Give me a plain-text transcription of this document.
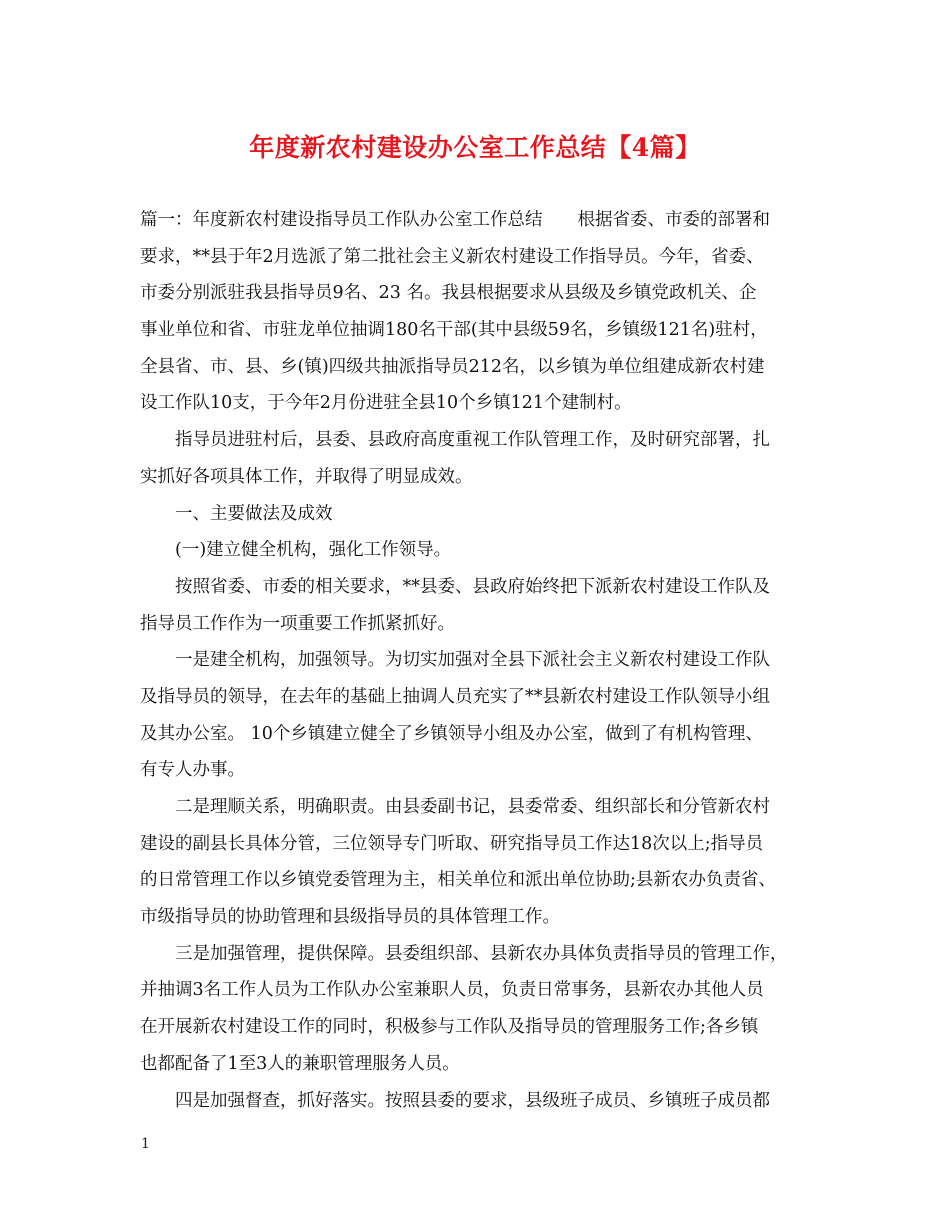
年度新农村建设办公室工作总结【4篇】
篇一：年度新农村建设指导员工作队办公室工作总结　　根据省委、市委的部署和
要求，**县于年2月选派了第二批社会主义新农村建设工作指导员。今年，省委、
市委分别派驻我县指导员9名、23 名。我县根据要求从县级及乡镇党政机关、企
事业单位和省、市驻龙单位抽调180名干部(其中县级59名，乡镇级121名)驻村，
全县省、市、县、乡(镇)四级共抽派指导员212名，以乡镇为单位组建成新农村建
设工作队10支，于今年2月份进驻全县10个乡镇121个建制村。
指导员进驻村后，县委、县政府高度重视工作队管理工作，及时研究部署，扎
实抓好各项具体工作，并取得了明显成效。
一、主要做法及成效
(一)建立健全机构，强化工作领导。
按照省委、市委的相关要求，**县委、县政府始终把下派新农村建设工作队及
指导员工作作为一项重要工作抓紧抓好。
一是建全机构，加强领导。为切实加强对全县下派社会主义新农村建设工作队
及指导员的领导，在去年的基础上抽调人员充实了**县新农村建设工作队领导小组
及其办公室。 10个乡镇建立健全了乡镇领导小组及办公室，做到了有机构管理、
有专人办事。
二是理顺关系，明确职责。由县委副书记，县委常委、组织部长和分管新农村
建设的副县长具体分管，三位领导专门听取、研究指导员工作达18次以上;指导员
的日常管理工作以乡镇党委管理为主，相关单位和派出单位协助;县新农办负责省、
市级指导员的协助管理和县级指导员的具体管理工作。
三是加强管理，提供保障。县委组织部、县新农办具体负责指导员的管理工作，
并抽调3名工作人员为工作队办公室兼职人员，负责日常事务，县新农办其他人员
在开展新农村建设工作的同时，积极参与工作队及指导员的管理服务工作;各乡镇
也都配备了1至3人的兼职管理服务人员。
四是加强督查，抓好落实。按照县委的要求，县级班子成员、乡镇班子成员都
1
